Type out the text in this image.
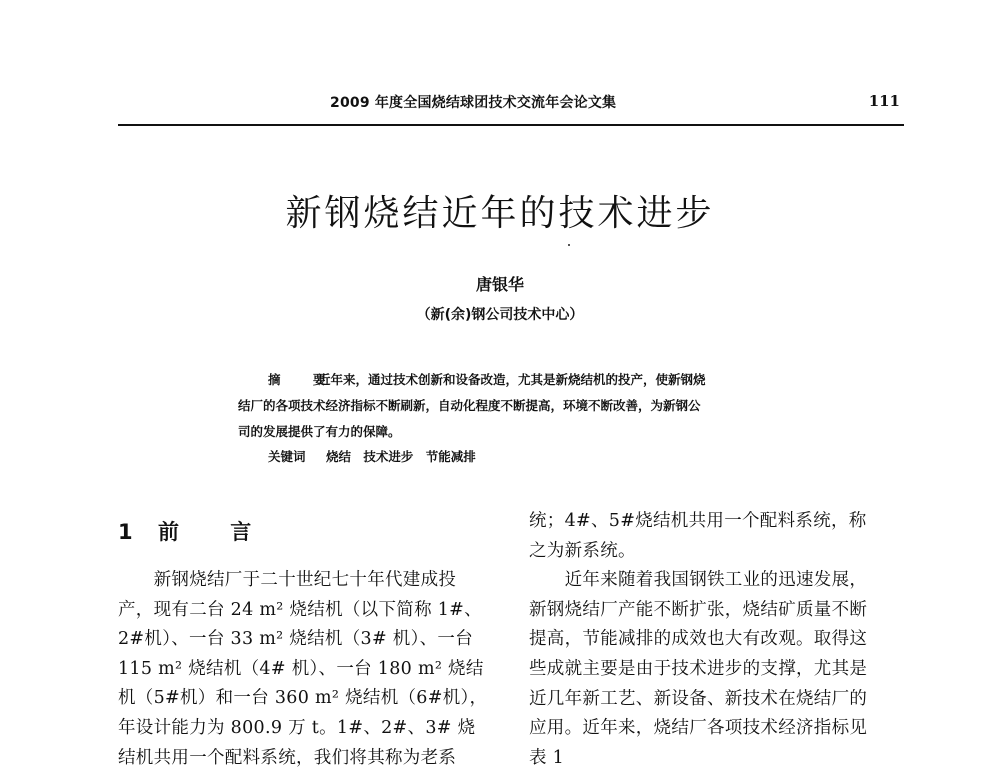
2009 年度全国烧结球团技术交流年会论文集	111
新钢烧结近年的技术进步
唐银华
（新(余)钢公司技术中心）
摘 要近年来，通过技术创新和设备改造，尤其是新烧结机的投产，使新钢烧
结厂的各项技术经济指标不断刷新，自动化程度不断提高，环境不断改善，为新钢公
司的发展提供了有力的保障。
关键词 烧结 技术进步 节能减排
1 前 言
　　新钢烧结厂于二十世纪七十年代建成投
产，现有二台 24 m² 烧结机（以下简称 1#、
2#机）、一台 33 m² 烧结机（3# 机）、一台
115 m² 烧结机（4# 机）、一台 180 m² 烧结
机（5#机）和一台 360 m² 烧结机（6#机），
年设计能力为 800.9 万 t。1#、2#、3# 烧
结机共用一个配料系统，我们将其称为老系
统；4#、5#烧结机共用一个配料系统，称
之为新系统。
　　近年来随着我国钢铁工业的迅速发展，
新钢烧结厂产能不断扩张，烧结矿质量不断
提高，节能减排的成效也大有改观。取得这
些成就主要是由于技术进步的支撑，尤其是
近几年新工艺、新设备、新技术在烧结厂的
应用。近年来，烧结厂各项技术经济指标见
表 1
